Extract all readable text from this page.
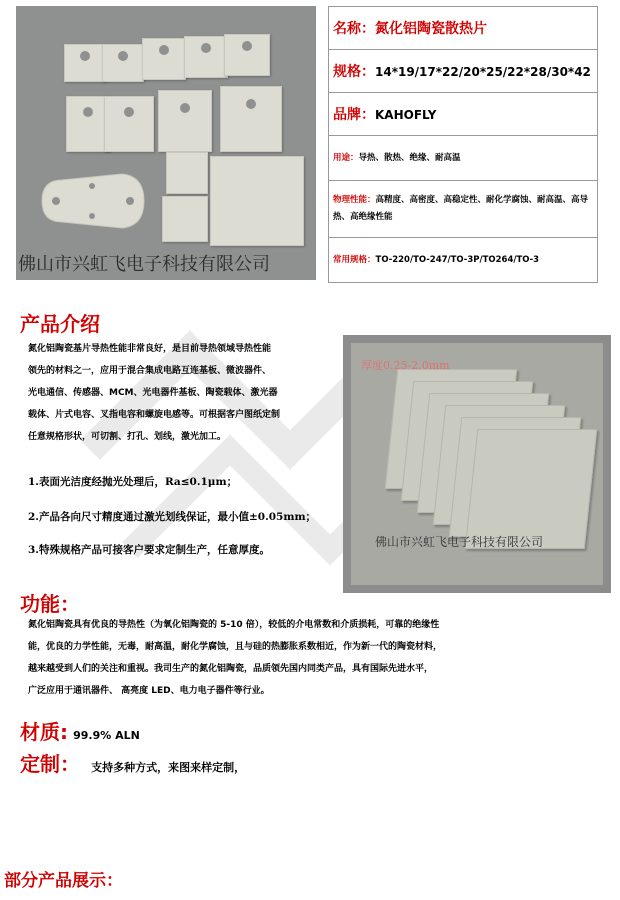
佛山市兴虹飞电子科技有限公司
名称：氮化铝陶瓷散热片
规格：14*19/17*22/20*25/22*28/30*42
品牌：KAHOFLY
用途：导热、散热、绝缘、耐高温
物理性能：高精度、高密度、高稳定性、耐化学腐蚀、耐高温、高导热、高绝缘性能
常用规格：TO-220/TO-247/TO-3P/TO264/TO-3
产品介绍
氮化铝陶瓷基片导热性能非常良好，是目前导热领域导热性能
领先的材料之一，应用于混合集成电路互连基板、微波器件、
光电通信、传感器、MCM、光电器件基板、陶瓷载体、激光器
载体、片式电容、叉指电容和螺旋电感等。可根据客户图纸定制
任意规格形状，可切割、打孔、划线，激光加工。
1.表面光洁度经抛光处理后，Ra≤0.1μm；
2.产品各向尺寸精度通过激光划线保证，最小值±0.05mm；
3.特殊规格产品可接客户要求定制生产，任意厚度。
厚度0.25-2.0mm
佛山市兴虹飞电子科技有限公司
功能：
氮化铝陶瓷具有优良的导热性（为氧化铝陶瓷的 5-10 倍），较低的介电常数和介质损耗，可靠的绝缘性
能，优良的力学性能，无毒，耐高温，耐化学腐蚀，且与硅的热膨胀系数相近，作为新一代的陶瓷材料，
越来越受到人们的关注和重视。我司生产的氮化铝陶瓷，品质领先国内同类产品，具有国际先进水平，
广泛应用于通讯器件、 高亮度 LED、电力电子器件等行业。
材质: 99.9% ALN
定制： 支持多种方式，来图来样定制，
部分产品展示：
